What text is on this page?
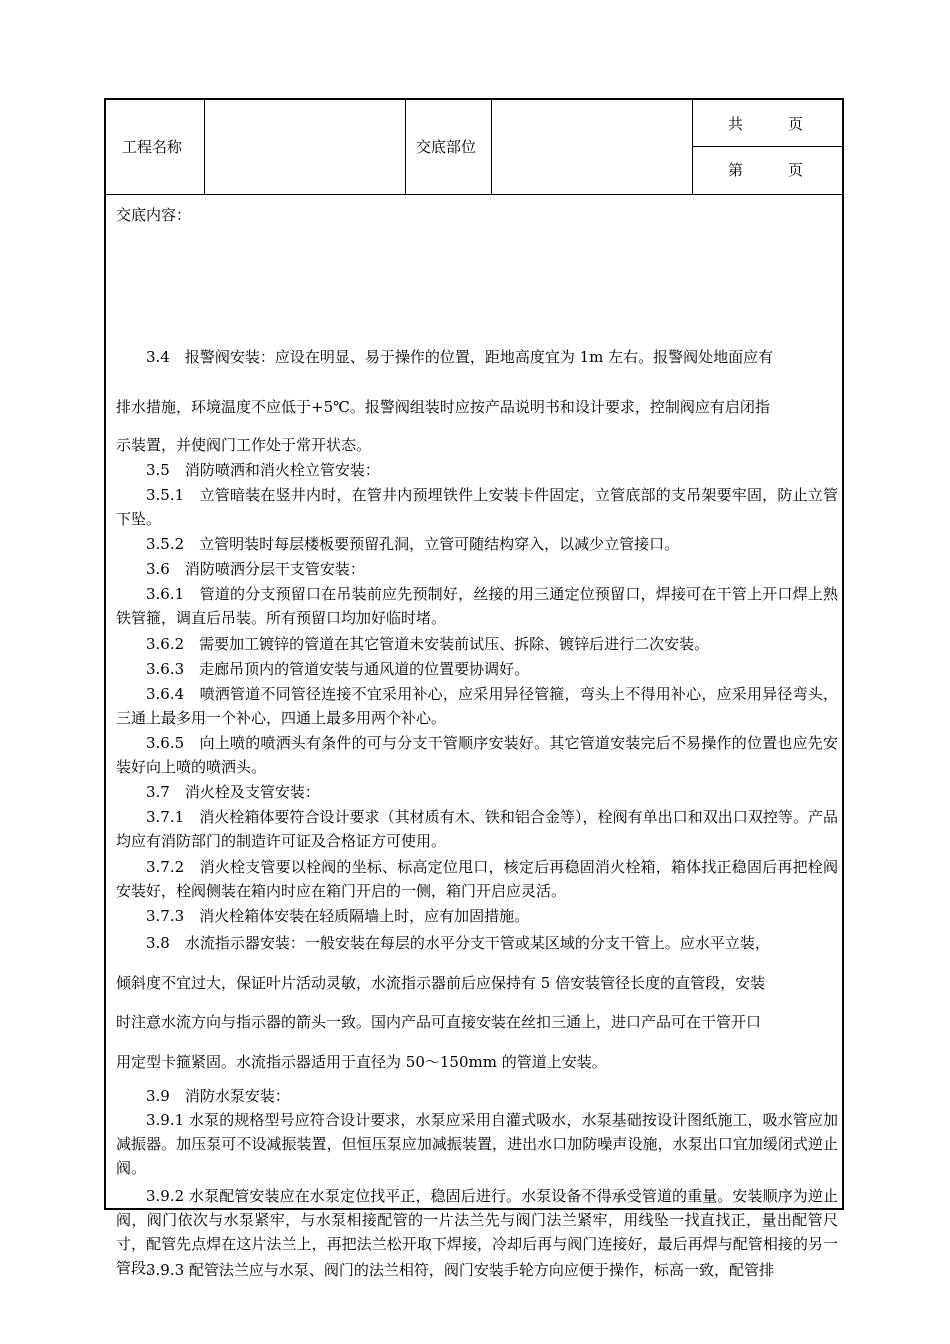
工程名称	交底部位
共　　　页
第　　　页
交底内容：
3.4　报警阀安装：应设在明显、易于操作的位置，距地高度宜为 1m 左右。报警阀处地面应有
排水措施，环境温度不应低于+5℃。报警阀组装时应按产品说明书和设计要求，控制阀应有启闭指
示装置，并使阀门工作处于常开状态。
3.5　消防喷洒和消火栓立管安装：
3.5.1　立管暗装在竖井内时，在管井内预埋铁件上安装卡件固定，立管底部的支吊架要牢固，防止立管下坠。
3.5.2　立管明装时每层楼板要预留孔洞，立管可随结构穿入，以减少立管接口。
3.6　消防喷洒分层干支管安装：
3.6.1　管道的分支预留口在吊装前应先预制好，丝接的用三通定位预留口，焊接可在干管上开口焊上熟铁管箍，调直后吊装。所有预留口均加好临时堵。
3.6.2　需要加工镀锌的管道在其它管道未安装前试压、拆除、镀锌后进行二次安装。
3.6.3　走廊吊顶内的管道安装与通风道的位置要协调好。
3.6.4　喷洒管道不同管径连接不宜采用补心，应采用异径管箍，弯头上不得用补心，应采用异径弯头，三通上最多用一个补心，四通上最多用两个补心。
3.6.5　向上喷的喷洒头有条件的可与分支干管顺序安装好。其它管道安装完后不易操作的位置也应先安装好向上喷的喷洒头。
3.7　消火栓及支管安装：
3.7.1　消火栓箱体要符合设计要求（其材质有木、铁和铝合金等），栓阀有单出口和双出口双控等。产品均应有消防部门的制造许可证及合格证方可使用。
3.7.2　消火栓支管要以栓阀的坐标、标高定位甩口，核定后再稳固消火栓箱，箱体找正稳固后再把栓阀安装好，栓阀侧装在箱内时应在箱门开启的一侧，箱门开启应灵活。
3.7.3　消火栓箱体安装在轻质隔墙上时，应有加固措施。
3.8　水流指示器安装：一般安装在每层的水平分支干管或某区域的分支干管上。应水平立装，
倾斜度不宜过大，保证叶片活动灵敏，水流指示器前后应保持有 5 倍安装管径长度的直管段，安装
时注意水流方向与指示器的箭头一致。国内产品可直接安装在丝扣三通上，进口产品可在干管开口
用定型卡箍紧固。水流指示器适用于直径为 50～150mm 的管道上安装。
3.9　消防水泵安装：
3.9.1 水泵的规格型号应符合设计要求，水泵应采用自灌式吸水，水泵基础按设计图纸施工，吸水管应加减振器。加压泵可不设减振装置，但恒压泵应加减振装置，进出水口加防噪声设施，水泵出口宜加缓闭式逆止阀。
3.9.2 水泵配管安装应在水泵定位找平正，稳固后进行。水泵设备不得承受管道的重量。安装顺序为逆止阀，阀门依次与水泵紧牢，与水泵相接配管的一片法兰先与阀门法兰紧牢，用线坠一找直找正，量出配管尺寸，配管先点焊在这片法兰上，再把法兰松开取下焊接，冷却后再与阀门连接好，最后再焊与配管相接的另一管段。
3.9.3 配管法兰应与水泵、阀门的法兰相符，阀门安装手轮方向应便于操作，标高一致，配管排
